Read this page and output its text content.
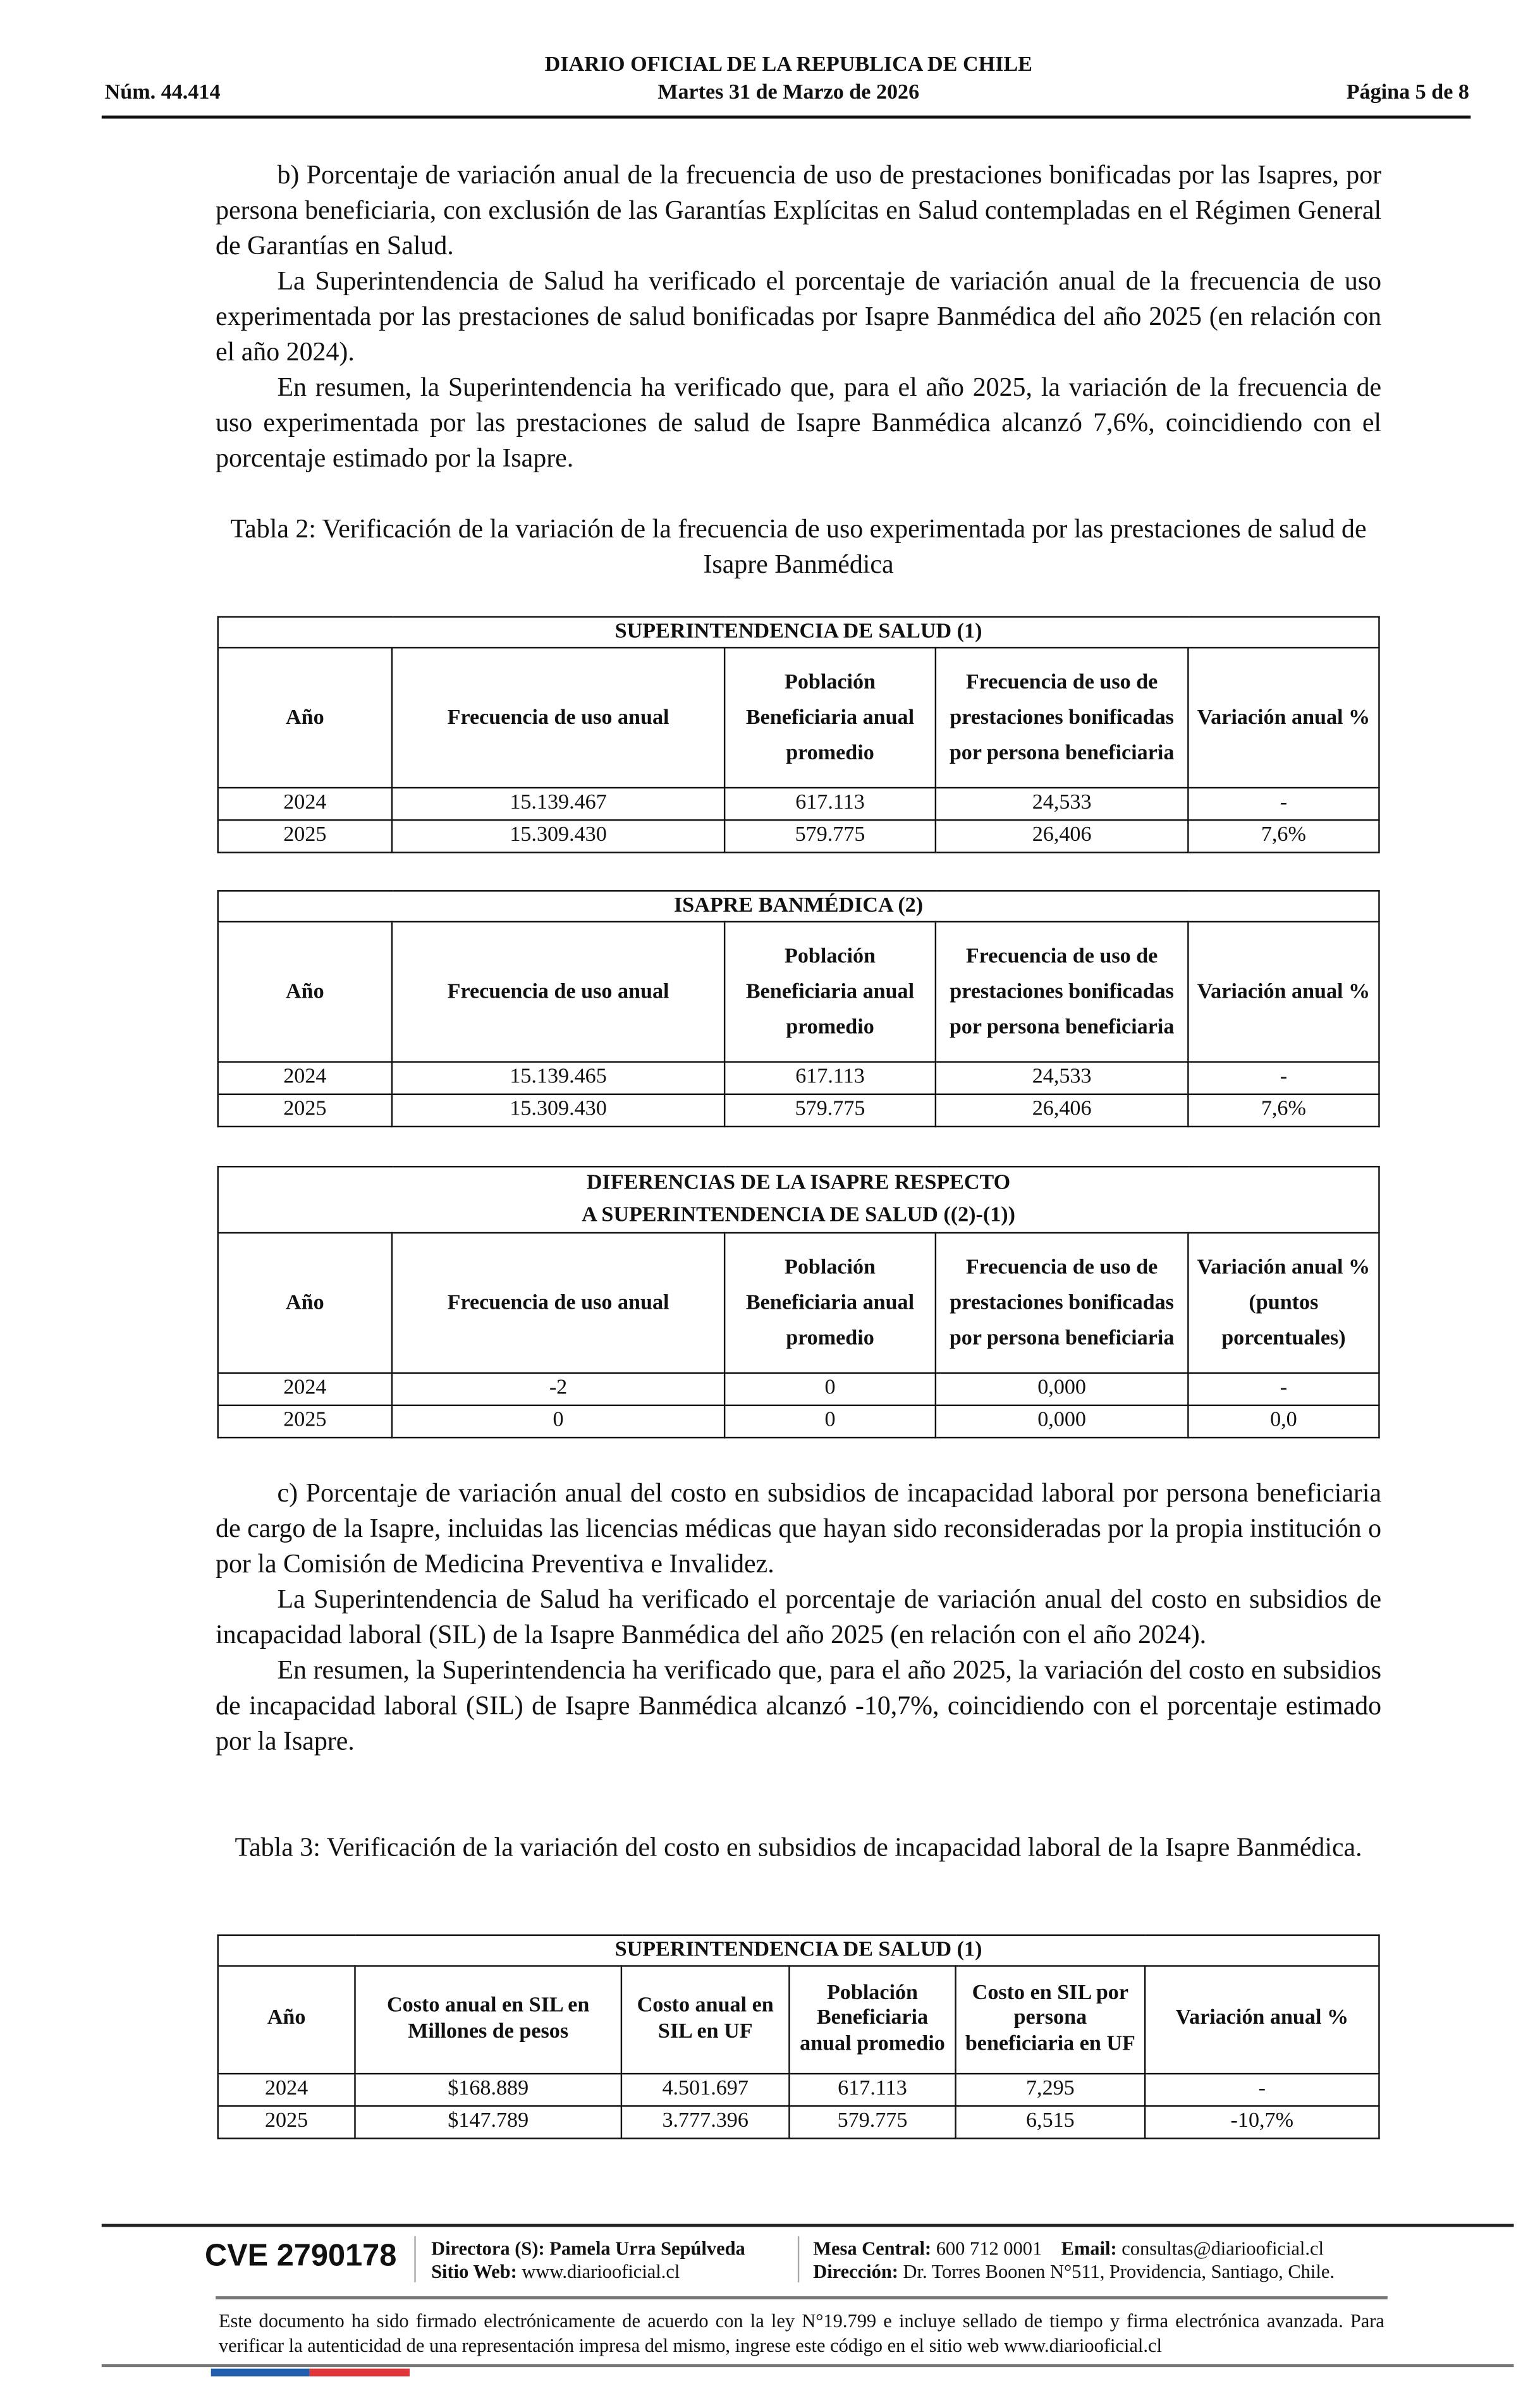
Núm. 44.414
DIARIO OFICIAL DE LA REPUBLICA DE CHILE
Martes 31 de Marzo de 2026	Página 5 de 8

b) Porcentaje de variación anual de la frecuencia de uso de prestaciones bonificadas por las Isapres, por persona beneficiaria, con exclusión de las Garantías Explícitas en Salud contempladas en el Régimen General de Garantías en Salud.

La Superintendencia de Salud ha verificado el porcentaje de variación anual de la frecuencia de uso experimentada por las prestaciones de salud bonificadas por Isapre Banmédica del año 2025 (en relación con el año 2024).

En resumen, la Superintendencia ha verificado que, para el año 2025, la variación de la frecuencia de uso experimentada por las prestaciones de salud de Isapre Banmédica alcanzó 7,6%, coincidiendo con el porcentaje estimado por la Isapre.

Tabla 2: Verificación de la variación de la frecuencia de uso experimentada por las prestaciones de salud de Isapre Banmédica
SUPERINTENDENCIA DE SALUD (1)				
Año	Frecuencia de uso anual	Población Beneficiaria anual promedio	Frecuencia de uso de prestaciones bonificadas por persona beneficiaria	Variación anual %
2024	15.139.467	617.113	24,533	-
2025	15.309.430	579.775	26,406	7,6%
ISAPRE BANMÉDICA (2)				
Año	Frecuencia de uso anual	Población Beneficiaria anual promedio	Frecuencia de uso de prestaciones bonificadas por persona beneficiaria	Variación anual %
2024	15.139.465	617.113	24,533	-
2025	15.309.430	579.775	26,406	7,6%
DIFERENCIAS DE LA ISAPRE RESPECTO
A SUPERINTENDENCIA DE SALUD ((2)-(1))				

Año	Frecuencia de uso anual	Población Beneficiaria anual promedio	Frecuencia de uso de prestaciones bonificadas por persona beneficiaria	Variación anual % (puntos porcentuales)
2024	-2	0	0,000	-
2025	0	0	0,000	0,0

c) Porcentaje de variación anual del costo en subsidios de incapacidad laboral por persona beneficiaria de cargo de la Isapre, incluidas las licencias médicas que hayan sido reconsideradas por la propia institución o por la Comisión de Medicina Preventiva e Invalidez.

La Superintendencia de Salud ha verificado el porcentaje de variación anual del costo en subsidios de incapacidad laboral (SIL) de la Isapre Banmédica del año 2025 (en relación con el año 2024).

En resumen, la Superintendencia ha verificado que, para el año 2025, la variación del costo en subsidios de incapacidad laboral (SIL) de Isapre Banmédica alcanzó -10,7%, coincidiendo con el porcentaje estimado por la Isapre.

Tabla 3: Verificación de la variación del costo en subsidios de incapacidad laboral de la Isapre Banmédica.
SUPERINTENDENCIA DE SALUD (1)					
Año	Costo anual en SIL en Millones de pesos	Costo anual en SIL en UF	Población Beneficiaria anual promedio	Costo en SIL por persona beneficiaria en UF	Variación anual %
2024	$168.889	4.501.697	617.113	7,295	-
2025	$147.789	3.777.396	579.775	6,515	-10,7%
CVE 2790178	Directora (S): Pamela Urra Sepúlveda
Sitio Web: www.diariooficial.cl
Mesa Central: 600 712 0001 Email: consultas@diariooficial.cl
Dirección: Dr. Torres Boonen N°511, Providencia, Santiago, Chile.
Este documento ha sido firmado electrónicamente de acuerdo con la ley N°19.799 e incluye sellado de tiempo y firma electrónica avanzada. Para verificar la autenticidad de una representación impresa del mismo, ingrese este código en el sitio web www.diariooficial.cl
